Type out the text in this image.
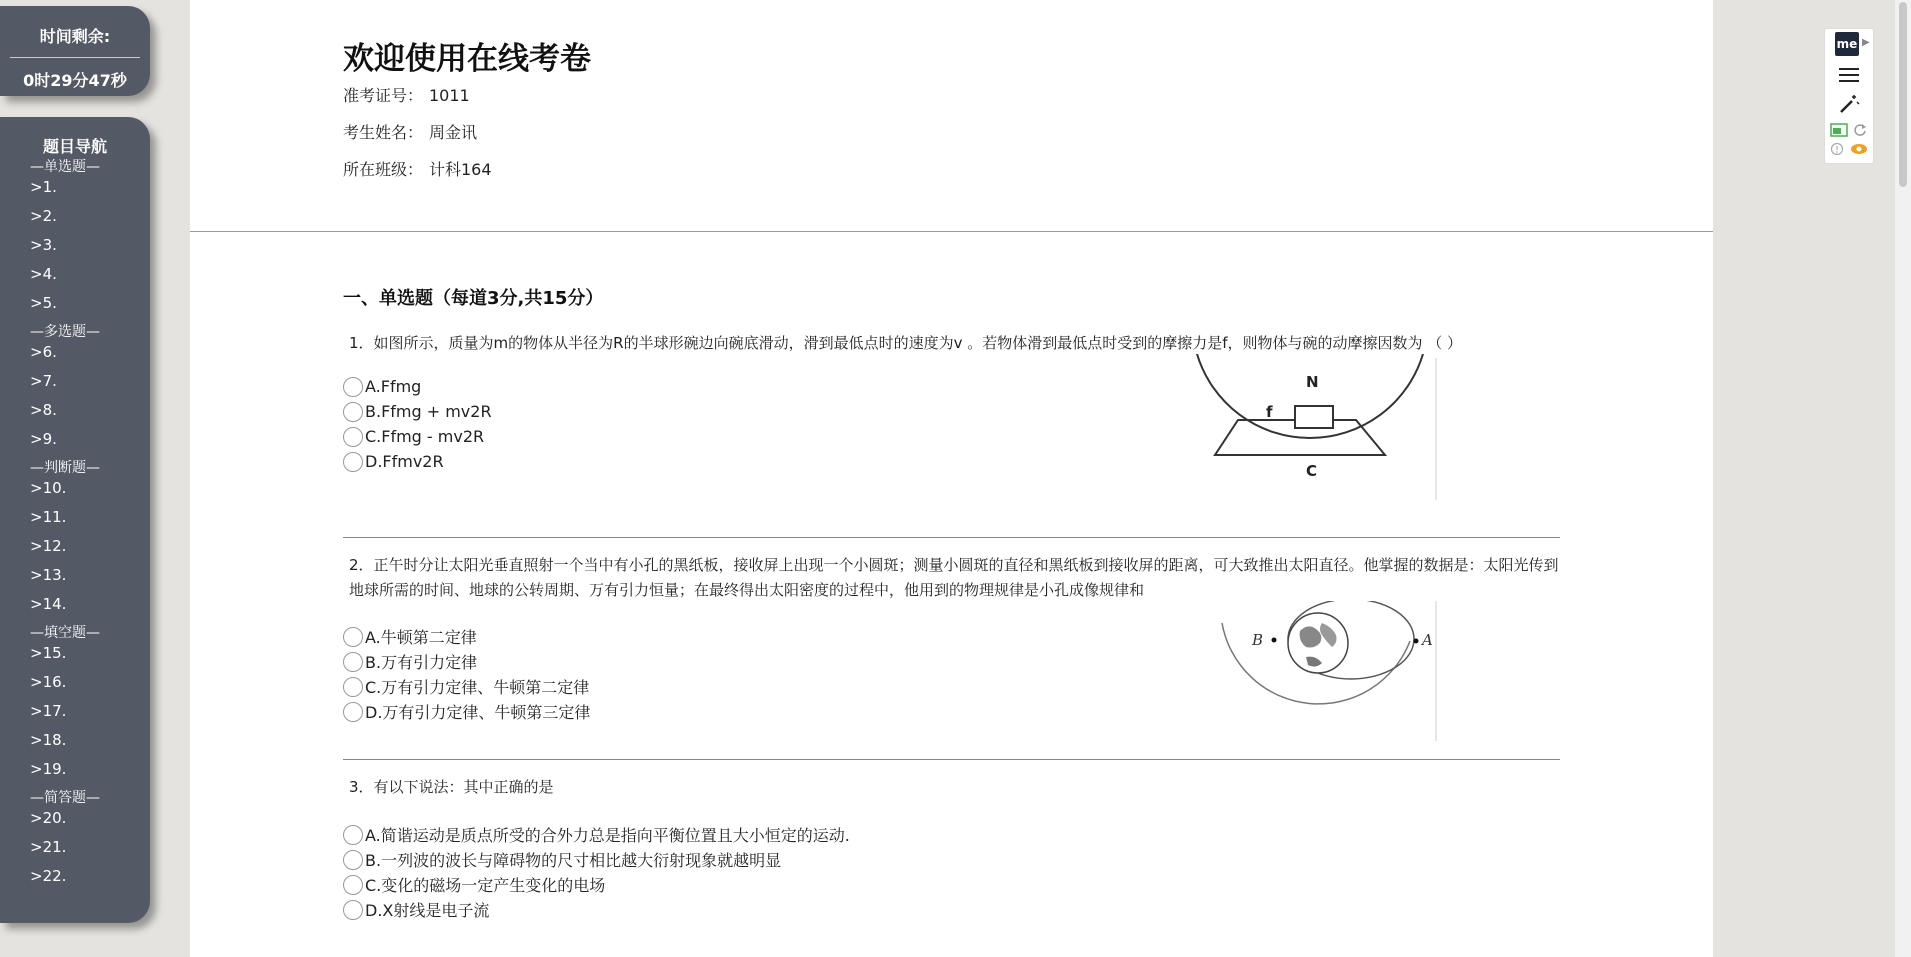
时间剩余:
0时29分47秒
题目导航
—单选题—
>1.
>2.
>3.
>4.
>5.
—多选题—
>6.
>7.
>8.
>9.
—判断题—
>10.
>11.
>12.
>13.
>14.
—填空题—
>15.
>16.
>17.
>18.
>19.
—简答题—
>20.
>21.
>22.
欢迎使用在线考卷
准考证号： 1011
考生姓名： 周金讯
所在班级： 计科164
一、单选题（每道3分,共15分）
1．如图所示，质量为m的物体从半径为R的半球形碗边向碗底滑动，滑到最低点时的速度为v 。若物体滑到最低点时受到的摩擦力是f，则物体与碗的动摩擦因数为 （ ）
A.Ffmg
B.Ffmg + mv2R
C.Ffmg - mv2R
D.Ffmv2R
N
f
C
2．正午时分让太阳光垂直照射一个当中有小孔的黑纸板，接收屏上出现一个小圆斑；测量小圆斑的直径和黑纸板到接收屏的距离，可大致推出太阳直径。他掌握的数据是：太阳光传到地球所需的时间、地球的公转周期、万有引力恒量；在最终得出太阳密度的过程中，他用到的物理规律是小孔成像规律和
A.牛顿第二定律
B.万有引力定律
C.万有引力定律、牛顿第二定律
D.万有引力定律、牛顿第三定律
B	A
3．有以下说法：其中正确的是
A.简谐运动是质点所受的合外力总是指向平衡位置且大小恒定的运动.
B.一列波的波长与障碍物的尺寸相比越大衍射现象就越明显
C.变化的磁场一定产生变化的电场
D.X射线是电子流
me ▶
